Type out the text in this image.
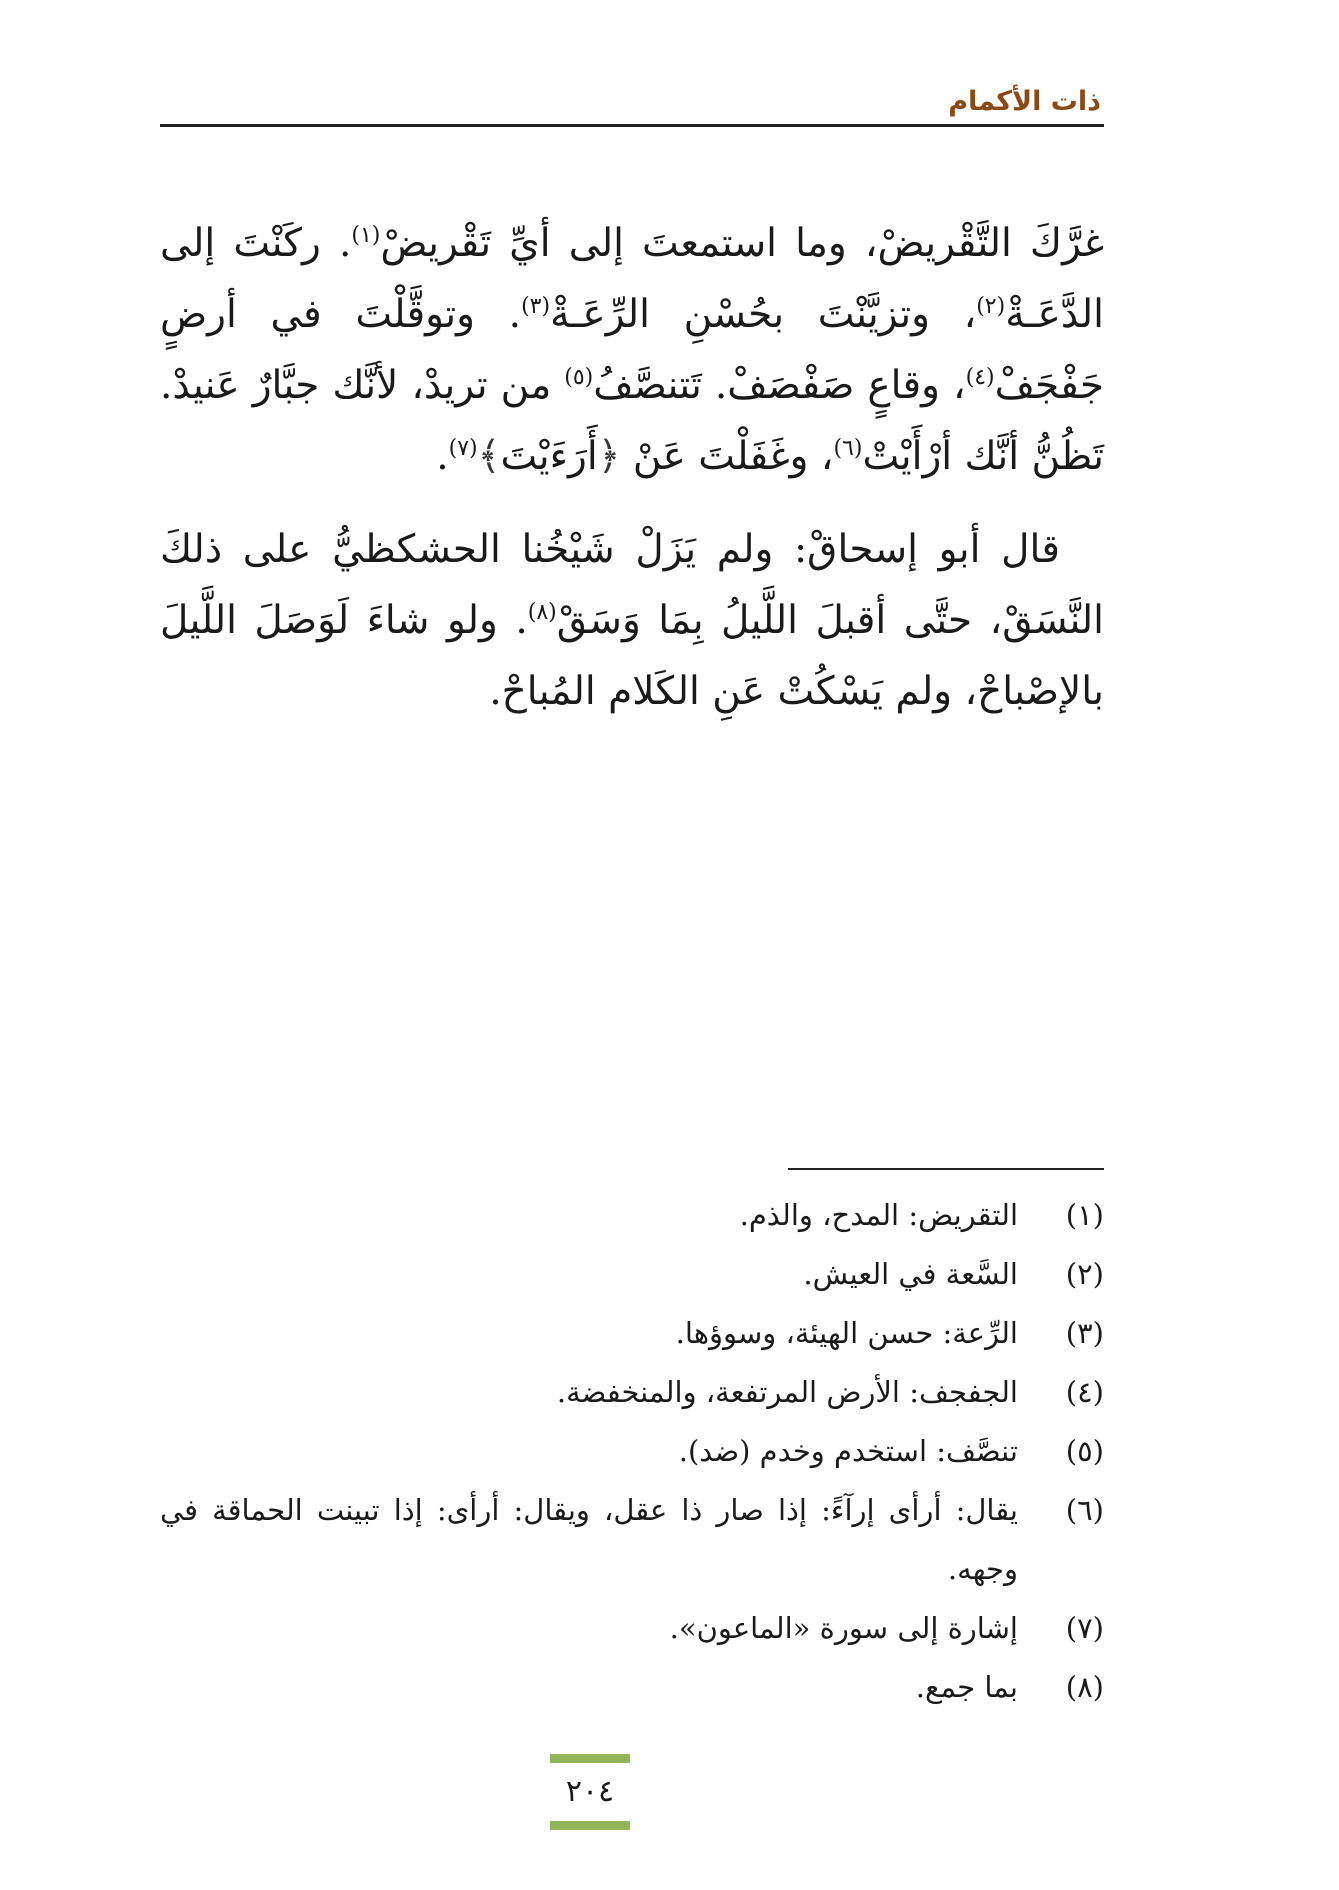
ذات الأكمام

غرَّكَ التَّقْريضْ، وما استمعتَ إلى أيِّ تَقْريضْ$^{(١)}$. ركَنْتَ إلى الدَّعَـةْ$^{(٢)}$، وتزيَّنْتَ بحُسْنِ الرِّعَـةْ$^{(٣)}$. وتوقَّلْتَ في أرضٍ جَفْجَفْ$^{(٤)}$، وقاعٍ صَفْصَفْ. تَتنصَّفُ$^{(٥)}$ من تريدْ، لأنَّك جبَّارٌ عَنيدْ. تَظُنُّ أنَّك أرْأَيْتْ$^{(٦)}$، وغَفَلْتَ عَنْ ﴿أَرَءَيْتَ﴾$^{(٧)}$.

قال أبو إسحاقْ: ولم يَزَلْ شَيْخُنا الحشكظيُّ على ذلكَ النَّسَقْ، حتَّى أقبلَ اللَّيلُ بِمَا وَسَقْ$^{(٨)}$. ولو شاءَ لَوَصَلَ اللَّيلَ بالإصْباحْ، ولم يَسْكُتْ عَنِ الكَلام المُباحْ.

(١)
التقريض: المدح، والذم.
(٢)
السَّعة في العيش.
(٣)
الرِّعة: حسن الهيئة، وسوؤها.
(٤)
الجفجف: الأرض المرتفعة، والمنخفضة.
(٥)
تنصَّف: استخدم وخدم (ضد).
(٦)
يقال: أرأى إرآءً: إذا صار ذا عقل، ويقال: أرأى: إذا تبينت الحماقة في وجهه.
(٧)
إشارة إلى سورة «الماعون».
(٨)
بما جمع.
٢٠٤
